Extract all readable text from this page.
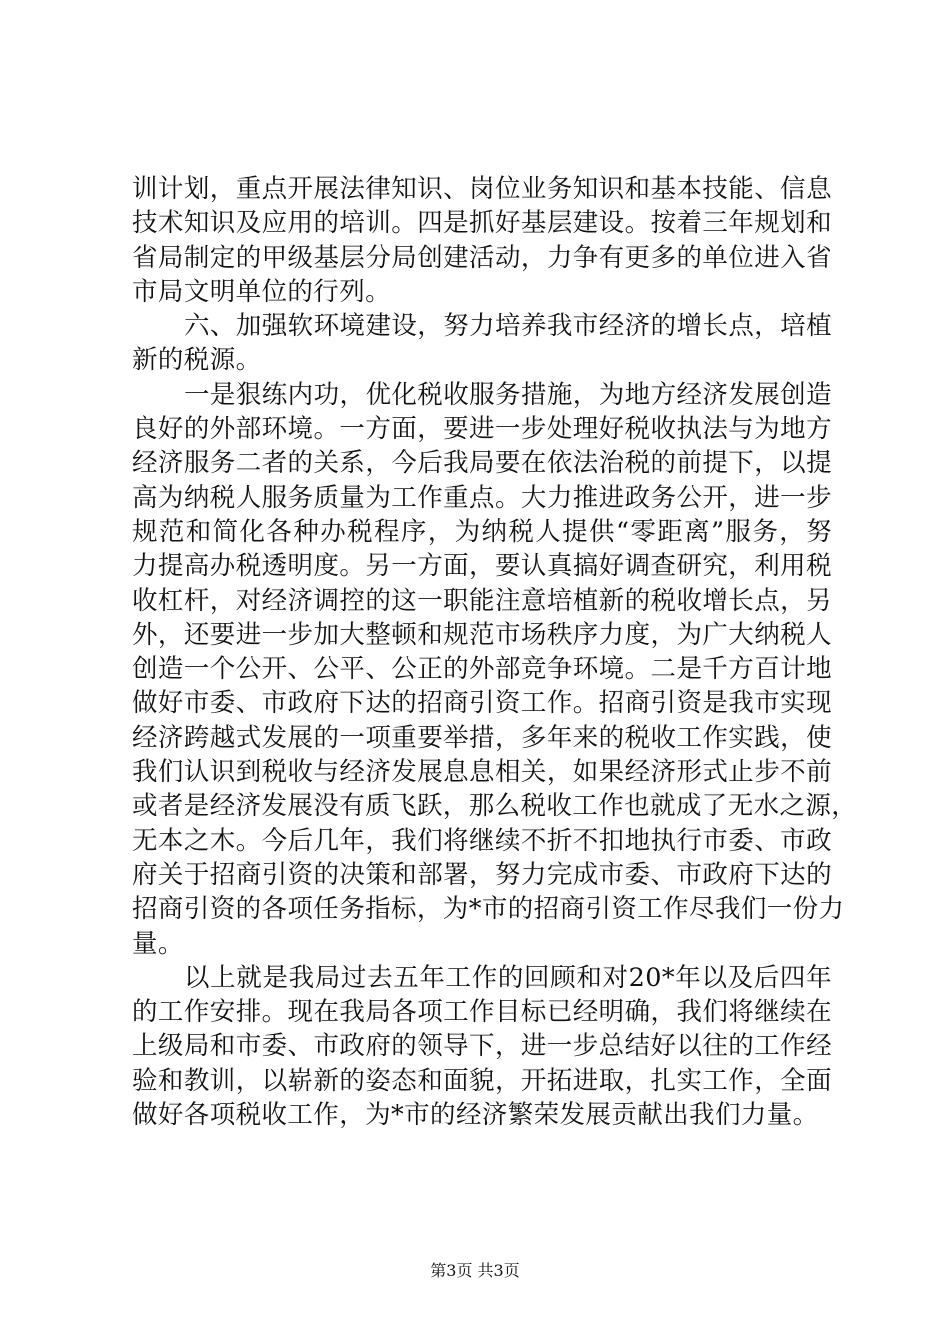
训计划，重点开展法律知识、岗位业务知识和基本技能、信息
技术知识及应用的培训。四是抓好基层建设。按着三年规划和
省局制定的甲级基层分局创建活动，力争有更多的单位进入省
市局文明单位的行列。
六、加强软环境建设，努力培养我市经济的增长点，培植
新的税源。
一是狠练内功，优化税收服务措施，为地方经济发展创造
良好的外部环境。一方面，要进一步处理好税收执法与为地方
经济服务二者的关系，今后我局要在依法治税的前提下，以提
高为纳税人服务质量为工作重点。大力推进政务公开，进一步
规范和简化各种办税程序，为纳税人提供“零距离”服务，努
力提高办税透明度。另一方面，要认真搞好调查研究，利用税
收杠杆，对经济调控的这一职能注意培植新的税收增长点，另
外，还要进一步加大整顿和规范市场秩序力度，为广大纳税人
创造一个公开、公平、公正的外部竞争环境。二是千方百计地
做好市委、市政府下达的招商引资工作。招商引资是我市实现
经济跨越式发展的一项重要举措，多年来的税收工作实践，使
我们认识到税收与经济发展息息相关，如果经济形式止步不前
或者是经济发展没有质飞跃，那么税收工作也就成了无水之源，
无本之木。今后几年，我们将继续不折不扣地执行市委、市政
府关于招商引资的决策和部署，努力完成市委、市政府下达的
招商引资的各项任务指标，为*市的招商引资工作尽我们一份力
量。
以上就是我局过去五年工作的回顾和对20*年以及后四年
的工作安排。现在我局各项工作目标已经明确，我们将继续在
上级局和市委、市政府的领导下，进一步总结好以往的工作经
验和教训，以崭新的姿态和面貌，开拓进取，扎实工作，全面
做好各项税收工作，为*市的经济繁荣发展贡献出我们力量。
第3页 共3页
